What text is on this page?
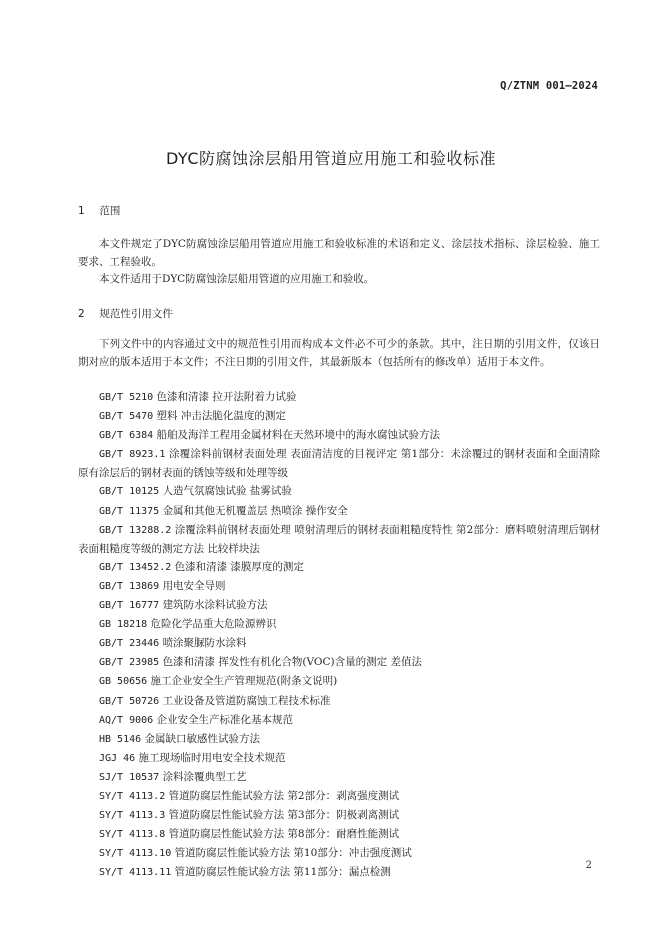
Q/ZTNM 001—2024
DYC防腐蚀涂层船用管道应用施工和验收标准
1 范围

本文件规定了DYC防腐蚀涂层船用管道应用施工和验收标准的术语和定义、涂层技术指标、涂层检验、施工要求、工程验收。

本文件适用于DYC防腐蚀涂层船用管道的应用施工和验收。

2 规范性引用文件

下列文件中的内容通过文中的规范性引用而构成本文件必不可少的条款。其中，注日期的引用文件，仅该日期对应的版本适用于本文件；不注日期的引用文件，其最新版本（包括所有的修改单）适用于本文件。

GB/T 5210 色漆和清漆 拉开法附着力试验
GB/T 5470 塑料 冲击法脆化温度的测定
GB/T 6384 船舶及海洋工程用金属材料在天然环境中的海水腐蚀试验方法
GB/T 8923.1 涂覆涂料前钢材表面处理 表面清洁度的目视评定 第1部分：未涂覆过的钢材表面和全面清除原有涂层后的钢材表面的锈蚀等级和处理等级
GB/T 10125 人造气氛腐蚀试验 盐雾试验
GB/T 11375 金属和其他无机覆盖层 热喷涂 操作安全
GB/T 13288.2 涂覆涂料前钢材表面处理 喷射清理后的钢材表面粗糙度特性 第2部分：磨料喷射清理后钢材表面粗糙度等级的测定方法 比较样块法
GB/T 13452.2 色漆和清漆 漆膜厚度的测定
GB/T 13869 用电安全导则
GB/T 16777 建筑防水涂料试验方法
GB 18218 危险化学品重大危险源辨识
GB/T 23446 喷涂聚脲防水涂料
GB/T 23985 色漆和清漆 挥发性有机化合物(VOC)含量的测定 差值法
GB 50656 施工企业安全生产管理规范(附条文说明)
GB/T 50726 工业设备及管道防腐蚀工程技术标准
AQ/T 9006 企业安全生产标准化基本规范
HB 5146 金属缺口敏感性试验方法
JGJ 46 施工现场临时用电安全技术规范
SJ/T 10537 涂料涂覆典型工艺
SY/T 4113.2 管道防腐层性能试验方法 第2部分：剥离强度测试
SY/T 4113.3 管道防腐层性能试验方法 第3部分：阴极剥离测试
SY/T 4113.8 管道防腐层性能试验方法 第8部分：耐磨性能测试
SY/T 4113.10 管道防腐层性能试验方法 第10部分：冲击强度测试
SY/T 4113.11 管道防腐层性能试验方法 第11部分：漏点检测
2
